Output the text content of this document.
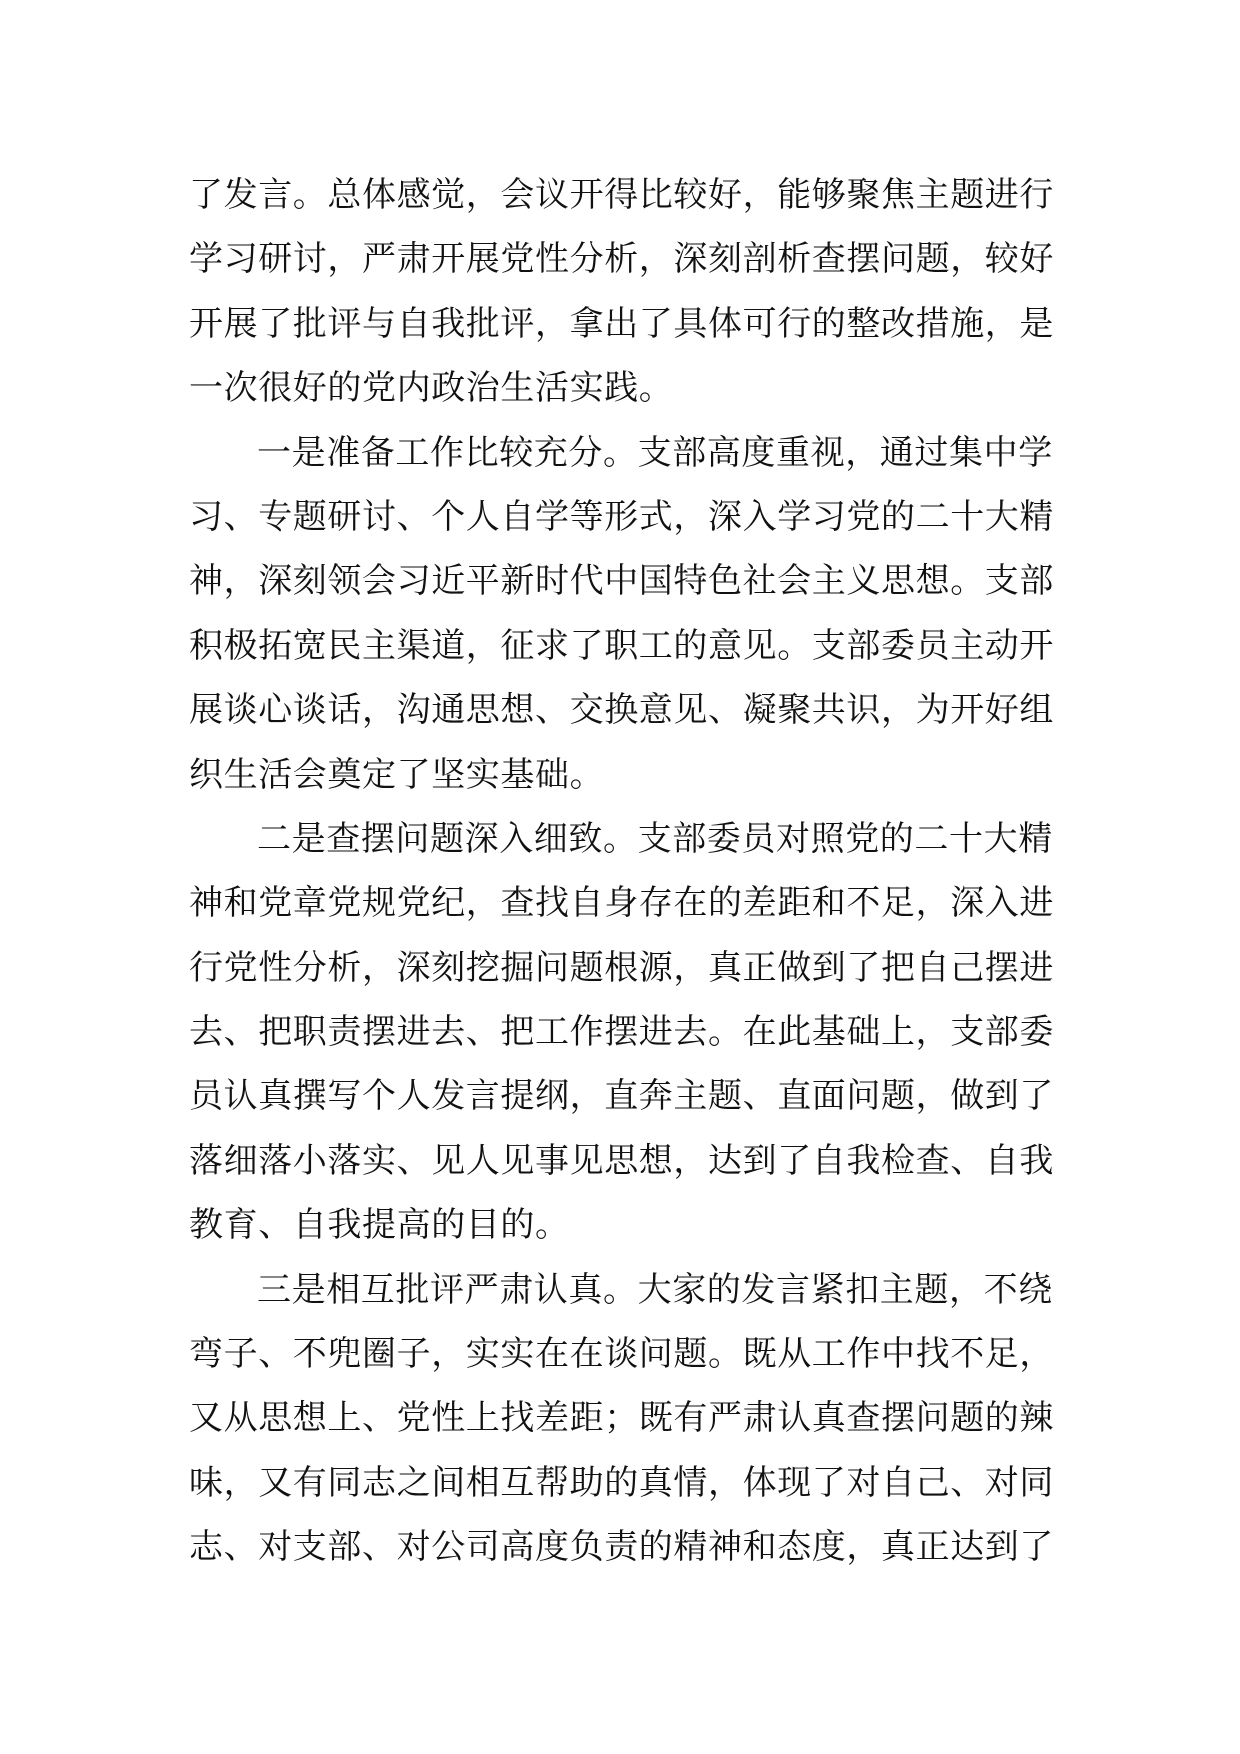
了发言。总体感觉，会议开得比较好，能够聚焦主题进行
学习研讨，严肃开展党性分析，深刻剖析查摆问题，较好
开展了批评与自我批评，拿出了具体可行的整改措施，是
一次很好的党内政治生活实践。
一是准备工作比较充分。支部高度重视，通过集中学
习、专题研讨、个人自学等形式，深入学习党的二十大精
神，深刻领会习近平新时代中国特色社会主义思想。支部
积极拓宽民主渠道，征求了职工的意见。支部委员主动开
展谈心谈话，沟通思想、交换意见、凝聚共识，为开好组
织生活会奠定了坚实基础。
二是查摆问题深入细致。支部委员对照党的二十大精
神和党章党规党纪，查找自身存在的差距和不足，深入进
行党性分析，深刻挖掘问题根源，真正做到了把自己摆进
去、把职责摆进去、把工作摆进去。在此基础上，支部委
员认真撰写个人发言提纲，直奔主题、直面问题，做到了
落细落小落实、见人见事见思想，达到了自我检查、自我
教育、自我提高的目的。
三是相互批评严肃认真。大家的发言紧扣主题，不绕
弯子、不兜圈子，实实在在谈问题。既从工作中找不足，
又从思想上、党性上找差距；既有严肃认真查摆问题的辣
味，又有同志之间相互帮助的真情，体现了对自己、对同
志、对支部、对公司高度负责的精神和态度，真正达到了
